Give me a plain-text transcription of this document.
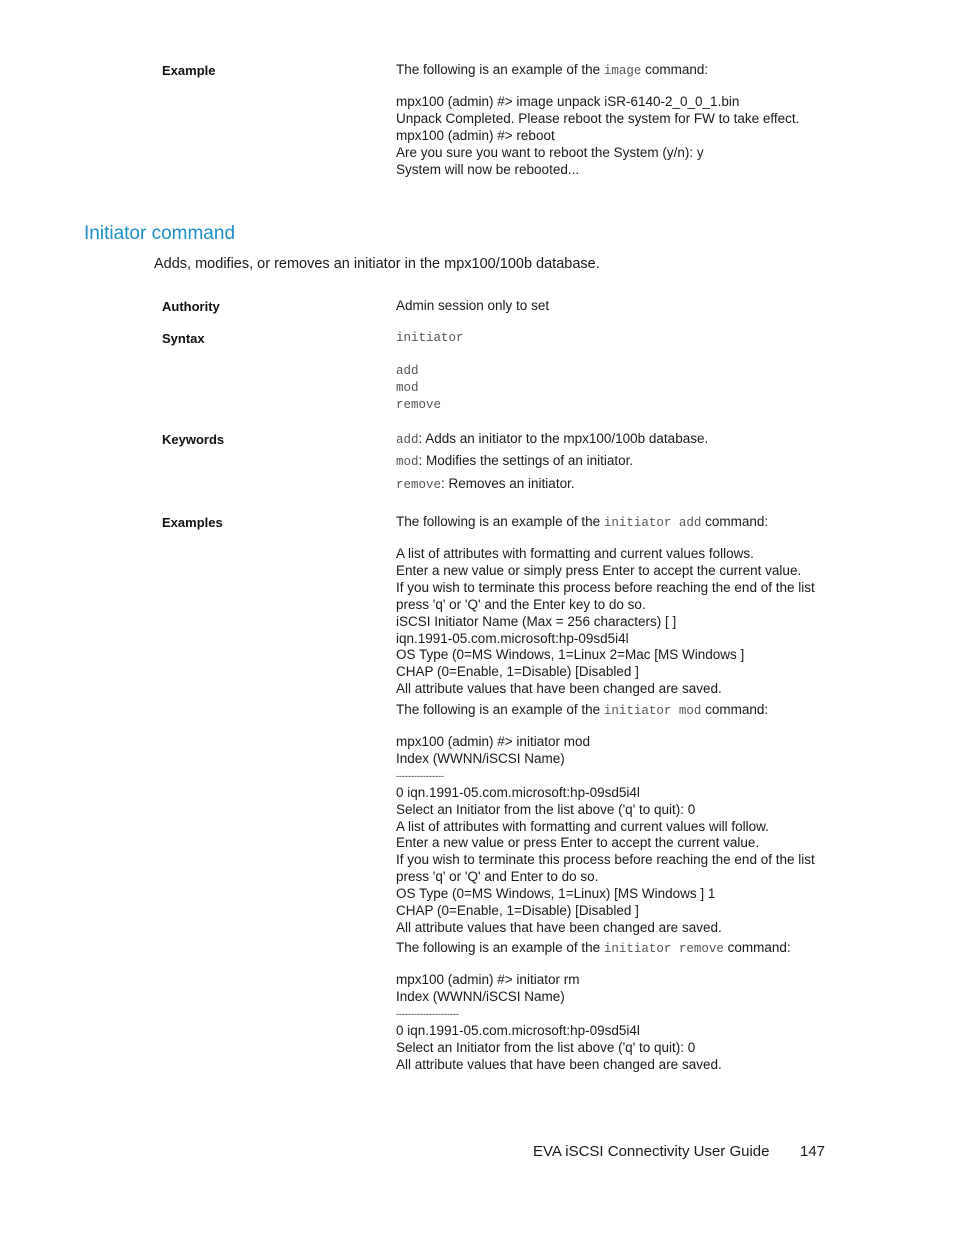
Example	The following is an example of the image command:
mpx100 (admin) #> image unpack iSR-6140-2_0_0_1.bin
Unpack Completed. Please reboot the system for FW to take effect.
mpx100 (admin) #> reboot
Are you sure you want to reboot the System (y/n): y
System will now be rebooted...
Initiator command
Adds, modifies, or removes an initiator in the mpx100/100b database.
Authority	Admin session only to set
Syntax	initiator
add
mod
remove
Keywords	add: Adds an initiator to the mpx100/100b database.
mod: Modifies the settings of an initiator.
remove: Removes an initiator.
Examples	The following is an example of the initiator add command:
A list of attributes with formatting and current values follows.
Enter a new value or simply press Enter to accept the current value.
If you wish to terminate this process before reaching the end of the list
press 'q' or 'Q' and the Enter key to do so.
iSCSI Initiator Name (Max = 256 characters) [ ]
iqn.1991-05.com.microsoft:hp-09sd5i4l
OS Type (0=MS Windows, 1=Linux 2=Mac [MS Windows ]
CHAP (0=Enable, 1=Disable) [Disabled ]
All attribute values that have been changed are saved.
The following is an example of the initiator mod command:
mpx100 (admin) #> initiator mod
Index (WWNN/iSCSI Name)
----------------
0 iqn.1991-05.com.microsoft:hp-09sd5i4l
Select an Initiator from the list above ('q' to quit): 0
A list of attributes with formatting and current values will follow.
Enter a new value or press Enter to accept the current value.
If you wish to terminate this process before reaching the end of the list
press 'q' or 'Q' and Enter to do so.
OS Type (0=MS Windows, 1=Linux) [MS Windows ] 1
CHAP (0=Enable, 1=Disable) [Disabled ]
All attribute values that have been changed are saved.
The following is an example of the initiator remove command:
mpx100 (admin) #> initiator rm
Index (WWNN/iSCSI Name)
---------------------
0 iqn.1991-05.com.microsoft:hp-09sd5i4l
Select an Initiator from the list above ('q' to quit): 0
All attribute values that have been changed are saved.
EVA iSCSI Connectivity User Guide 147
